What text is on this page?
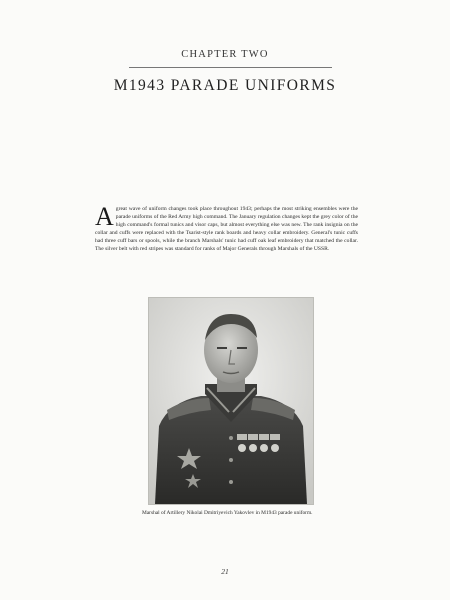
CHAPTER TWO
M1943 PARADE UNIFORMS
Agreat wave of uniform changes took place throughout 1943; perhaps the most striking ensembles were the parade uniforms of the Red Army high command. The January regulation changes kept the grey color of the high command's formal tunics and visor caps, but almost everything else was new. The rank insignia on the collar and cuffs were replaced with the Tsarist-style rank boards and heavy collar embroidery. General's tunic cuffs had three cuff bars or spools, while the branch Marshals' tunic had cuff oak leaf embroidery that matched the collar. The silver belt with red stripes was standard for ranks of Major Generals through Marshals of the USSR.
Marshal of Artillery Nikolai Dmitriyevich Yakovlev in M1943 parade uniform.
21
